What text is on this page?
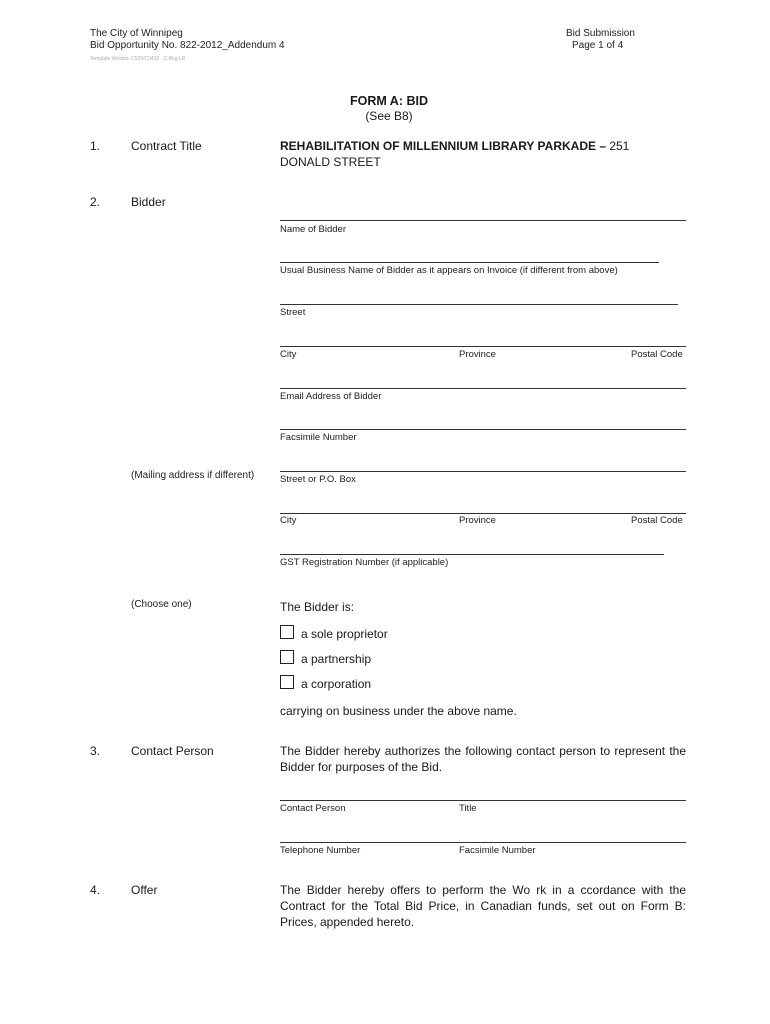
The City of Winnipeg
Bid Opportunity No. 822-2012_Addendum 4
Template Version: C520/C0410 · C-Bkg LR
Bid Submission
Page 1 of 4
FORM A: BID
(See B8)
1.	Contract Title	REHABILITATION OF MILLENNIUM LIBRARY PARKADE – 251
DONALD STREET
2.	Bidder
Name of Bidder
Usual Business Name of Bidder as it appears on Invoice (if different from above)
Street
City	Province	Postal Code
Email Address of Bidder
Facsimile Number
(Mailing address if different)	Street or P.O. Box
City	Province	Postal Code
GST Registration Number (if applicable)
(Choose one)	The Bidder is:
a sole proprietor
a partnership
a corporation
carrying on business under the above name.
3.	Contact Person	The Bidder hereby authorizes the following contact person to represent the Bidder for purposes of the Bid.
Contact Person	Title
Telephone Number	Facsimile Number
4.	Offer	The Bidder hereby offers to perform the Wo rk in a ccordance with the Contract for the Total Bid Price, in Canadian funds, set out on Form B: Prices, appended hereto.
